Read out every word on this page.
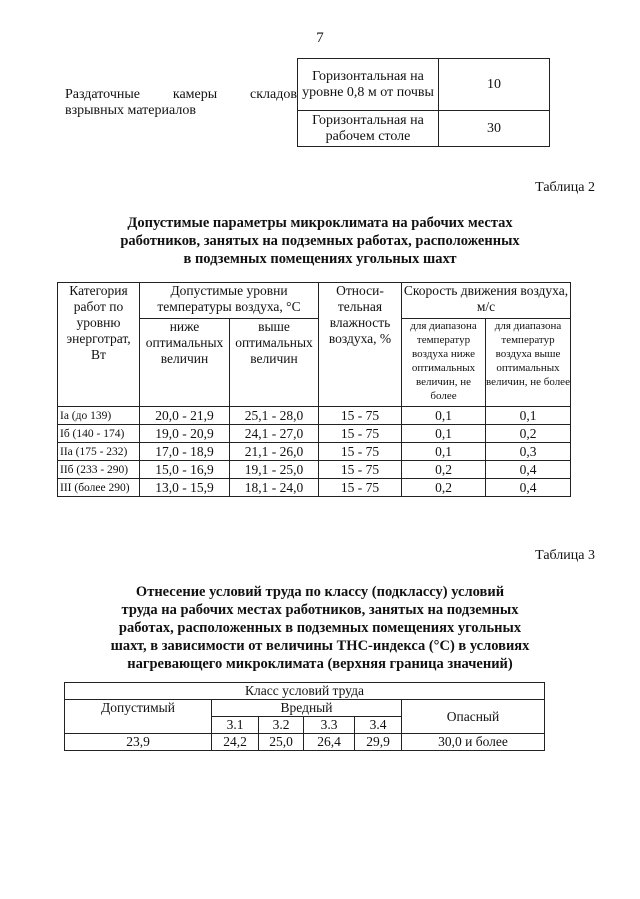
7
Раздаточные камеры складов
взрывных материалов	Горизонтальная на уровне 0,8 м от почвы	10
	Горизонтальная на рабочем столе	30
Таблица 2
Допустимые параметры микроклимата на рабочих местах
работников, занятых на подземных работах, расположенных
в подземных помещениях угольных шахт
Категория работ по уровню энерготрат, Вт	Допустимые уровни температуры воздуха, °С		Относи-тельная влажность воздуха, %	Скорость движения воздуха, м/с	
	ниже оптимальных величин	выше оптимальных величин		для диапазона температур воздуха ниже оптимальных величин, не более	для диапазона температур воздуха выше оптимальных величин, не более
Ia (до 139)	20,0 - 21,9	25,1 - 28,0	15 - 75	0,1	0,1
Iб (140 - 174)	19,0 - 20,9	24,1 - 27,0	15 - 75	0,1	0,2
IIа (175 - 232)	17,0 - 18,9	21,1 - 26,0	15 - 75	0,1	0,3
IIб (233 - 290)	15,0 - 16,9	19,1 - 25,0	15 - 75	0,2	0,4
III (более 290)	13,0 - 15,9	18,1 - 24,0	15 - 75	0,2	0,4
Таблица 3
Отнесение условий труда по классу (подклассу) условий
труда на рабочих местах работников, занятых на подземных
работах, расположенных в подземных помещениях угольных
шахт, в зависимости от величины ТНС-индекса (°С) в условиях
нагревающего микроклимата (верхняя граница значений)
Класс условий труда					
Допустимый	Вредный				Опасный
	3.1	3.2	3.3	3.4	
23,9	24,2	25,0	26,4	29,9	30,0 и более
